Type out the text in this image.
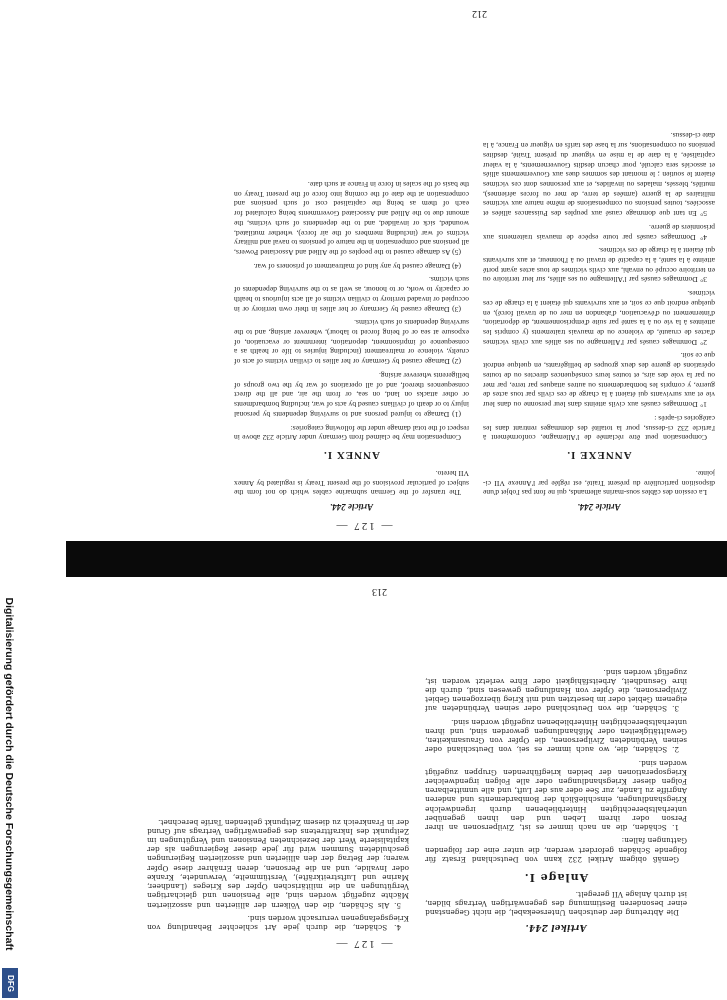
— 127 —
Article 244.

La cession des câbles sous-marins allemands, qui ne font pas l'objet d'une disposition particulière du présent Traité, est réglée par l'Annexe VII ci-jointe.

ANNEXE I.

Compensation peut être réclamée de l'Allemagne, conformément à l'article 232 ci-dessus, pour la totalité des dommages rentrant dans les catégories ci-après :

1° Dommages causés aux civils atteints dans leur personne ou dans leur vie et aux survivants qui étaient à la charge de ces civils par tous actes de guerre, y compris les bombardements ou autres attaques par terre, par mer ou par la voie des airs, et toutes leurs conséquences directes ou de toutes opérations de guerre des deux groupes de belligérants, en quelque endroit que ce soit.

2° Dommages causés par l'Allemagne ou ses alliés aux civils victimes d'actes de cruauté, de violence ou de mauvais traitements (y compris les atteintes à la vie ou à la santé par suite d'emprisonnement, de déportation, d'internement ou d'évacuation, d'abandon en mer ou de travail forcé), en quelque endroit que ce soit, et aux survivants qui étaient à la charge de ces victimes.

3° Dommages causés par l'Allemagne ou ses alliés, sur leur territoire ou en territoire occupé ou envahi, aux civils victimes de tous actes ayant porté atteinte à la santé, à la capacité de travail ou à l'honneur, et aux survivants qui étaient à la charge de ces victimes.

4° Dommages causés par toute espèce de mauvais traitements aux prisonniers de guerre.

5° En tant que dommage causé aux peuples des Puissances alliées et associées, toutes pensions ou compensations de même nature aux victimes militaires de la guerre (armées de terre, de mer ou forces aériennes), mutilés, blessés, malades ou invalides, et aux personnes dont ces victimes étaient le soutien ; le montant des sommes dues aux Gouvernements alliés et associés sera calculé, pour chacun desdits Gouvernements, à la valeur capitalisée, à la date de la mise en vigueur du présent Traité, desdites pensions ou compensations, sur la base des tarifs en vigueur en France, à la date ci-dessus.

Article 244.

The transfer of the German submarine cables which do not form the subject of particular provisions of the present Treaty is regulated by Annex VII hereto.

ANNEX I.

Compensation may be claimed from Germany under Article 232 above in respect of the total damage under the following categories:

(1) Damage to injured persons and to surviving dependents by personal injury to or death of civilians caused by acts of war, including bombardments or other attacks on land, on sea, or from the air, and all the direct consequences thereof, and of all operations of war by the two groups of belligerents wherever arising.

(2) Damage caused by Germany or her allies to civilian victims of acts of cruelty, violence or maltreatment (including injuries to life or health as a consequence of imprisonment, deportation, internment or evacuation, of exposure at sea or of being forced to labour), wherever arising, and to the surviving dependents of such victims.

(3) Damage caused by Germany or her allies in their own territory or in occupied or invaded territory to civilian victims of all acts injurious to health or capacity to work, or to honour, as well as to the surviving dependents of such victims.

(4) Damage caused by any kind of maltreatment of prisoners of war.

(5) As damage caused to the peoples of the Allied and Associated Powers, all pensions and compensation in the nature of pensions to naval and military victims of war (including members of the air force), whether mutilated, wounded, sick or invalided, and to the dependents of such victims, the amount due to the Allied and Associated Governments being calculated for each of them as being the capitalised cost of such pensions and compensation at the date of the coming into force of the present Treaty on the basis of the scales in force in France at such date.

212
— 127 —
Artikel 244.

Die Abtretung der deutschen Unterseekabel, die nicht Gegenstand einer besonderen Bestimmung des gegenwärtigen Vertrags bilden, ist durch Anlage VII geregelt.

Anlage I.

Gemäß obigem Artikel 232 kann von Deutschland Ersatz für folgende Schäden gefordert werden, die unter eine der folgenden Gattungen fallen:

1. Schäden, die an nach immer es ist, Zivilpersonen an ihrer Person oder ihrem Leben und den ihnen gegenüber unterhaltsberechtigten Hinterbliebenen durch irgendwelche Kriegshandlungen, einschließlich der Bombardements und anderen Angriffe zu Lande, zur See oder aus der Luft, und alle unmittelbaren Folgen dieser Kriegshandlungen oder alle Folgen irgendwelcher Kriegsoperationen der beiden kriegführenden Gruppen zugefügt worden sind.

2. Schäden, die, wo auch immer es sei, von Deutschland oder seinen Verbündeten Zivilpersonen, die Opfer von Grausamkeiten, Gewalttätigkeiten oder Mißhandlungen geworden sind, und ihren unterhaltsberechtigten Hinterbliebenen zugefügt worden sind.

3. Schäden, die von Deutschland oder seinen Verbündeten auf eigenem Gebiet oder im besetzten und mit Krieg überzogenen Gebiet Zivilpersonen, die Opfer von Handlungen gewesen sind, durch die ihre Gesundheit, Arbeitsfähigkeit oder Ehre verletzt worden ist, zugefügt worden sind.

4. Schäden, die durch jede Art schlechter Behandlung von Kriegsgefangenen verursacht worden sind.

5. Als Schäden, die den Völkern der alliierten und assoziierten Mächte zugefügt worden sind, alle Pensionen und gleichartigen Vergütungen an die militärischen Opfer des Krieges (Landheer, Marine und Luftstreitkräfte), Verstümmelte, Verwundete, Kranke oder Invalide, und an die Personen, deren Ernährer diese Opfer waren; der Betrag der den alliierten und assoziierten Regierungen geschuldeten Summen wird für jede dieser Regierungen als der kapitalisierte Wert der bezeichneten Pensionen und Vergütungen im Zeitpunkt des Inkrafttretens des gegenwärtigen Vertrags auf Grund der in Frankreich zu diesem Zeitpunkt geltenden Tarife berechnet.

213
Digitalisierung gefördert durch die Deutsche Forschungsgemeinschaft
DFG
